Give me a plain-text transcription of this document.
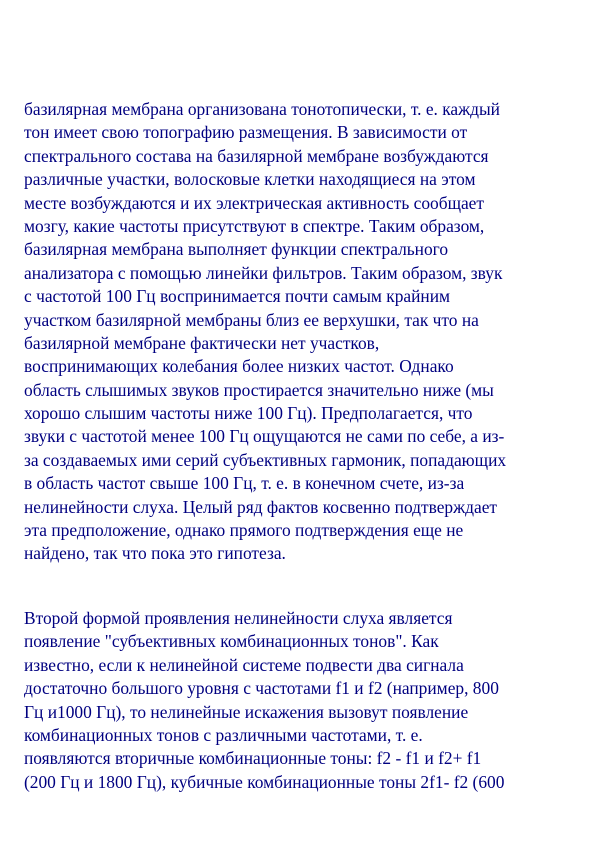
базилярная мембрана организована тонотопически, т. е. каждый
тон имеет свою топографию размещения. В зависимости от
спектрального состава на базилярной мембране возбуждаются
различные участки, волосковые клетки находящиеся на этом
месте возбуждаются и их электрическая активность сообщает
мозгу, какие частоты присутствуют в спектре. Таким образом,
базилярная мембрана выполняет функции спектрального
анализатора с помощью линейки фильтров. Таким образом, звук
с частотой 100 Гц воспринимается почти самым крайним
участком базилярной мембраны близ ее верхушки, так что на
базилярной мембране фактически нет участков,
воспринимающих колебания более низких частот. Однако
область слышимых звуков простирается значительно ниже (мы
хорошо слышим частоты ниже 100 Гц). Предполагается, что
звуки с частотой менее 100 Гц ощущаются не сами по себе, а из-
за создаваемых ими серий субъективных гармоник, попадающих
в область частот свыше 100 Гц, т. е. в конечном счете, из-за
нелинейности слуха. Целый ряд фактов косвенно подтверждает
эта предположение, однако прямого подтверждения еще не
найдено, так что пока это гипотеза.
Второй формой проявления нелинейности слуха является
появление "субъективных комбинационных тонов". Как
известно, если к нелинейной системе подвести два сигнала
достаточно большого уровня с частотами f1 и f2 (например, 800
Гц и1000 Гц), то нелинейные искажения вызовут появление
комбинационных тонов с различными частотами, т. е.
появляются вторичные комбинационные тоны: f2 - f1 и f2+ f1
(200 Гц и 1800 Гц), кубичные комбинационные тоны 2f1- f2 (600
